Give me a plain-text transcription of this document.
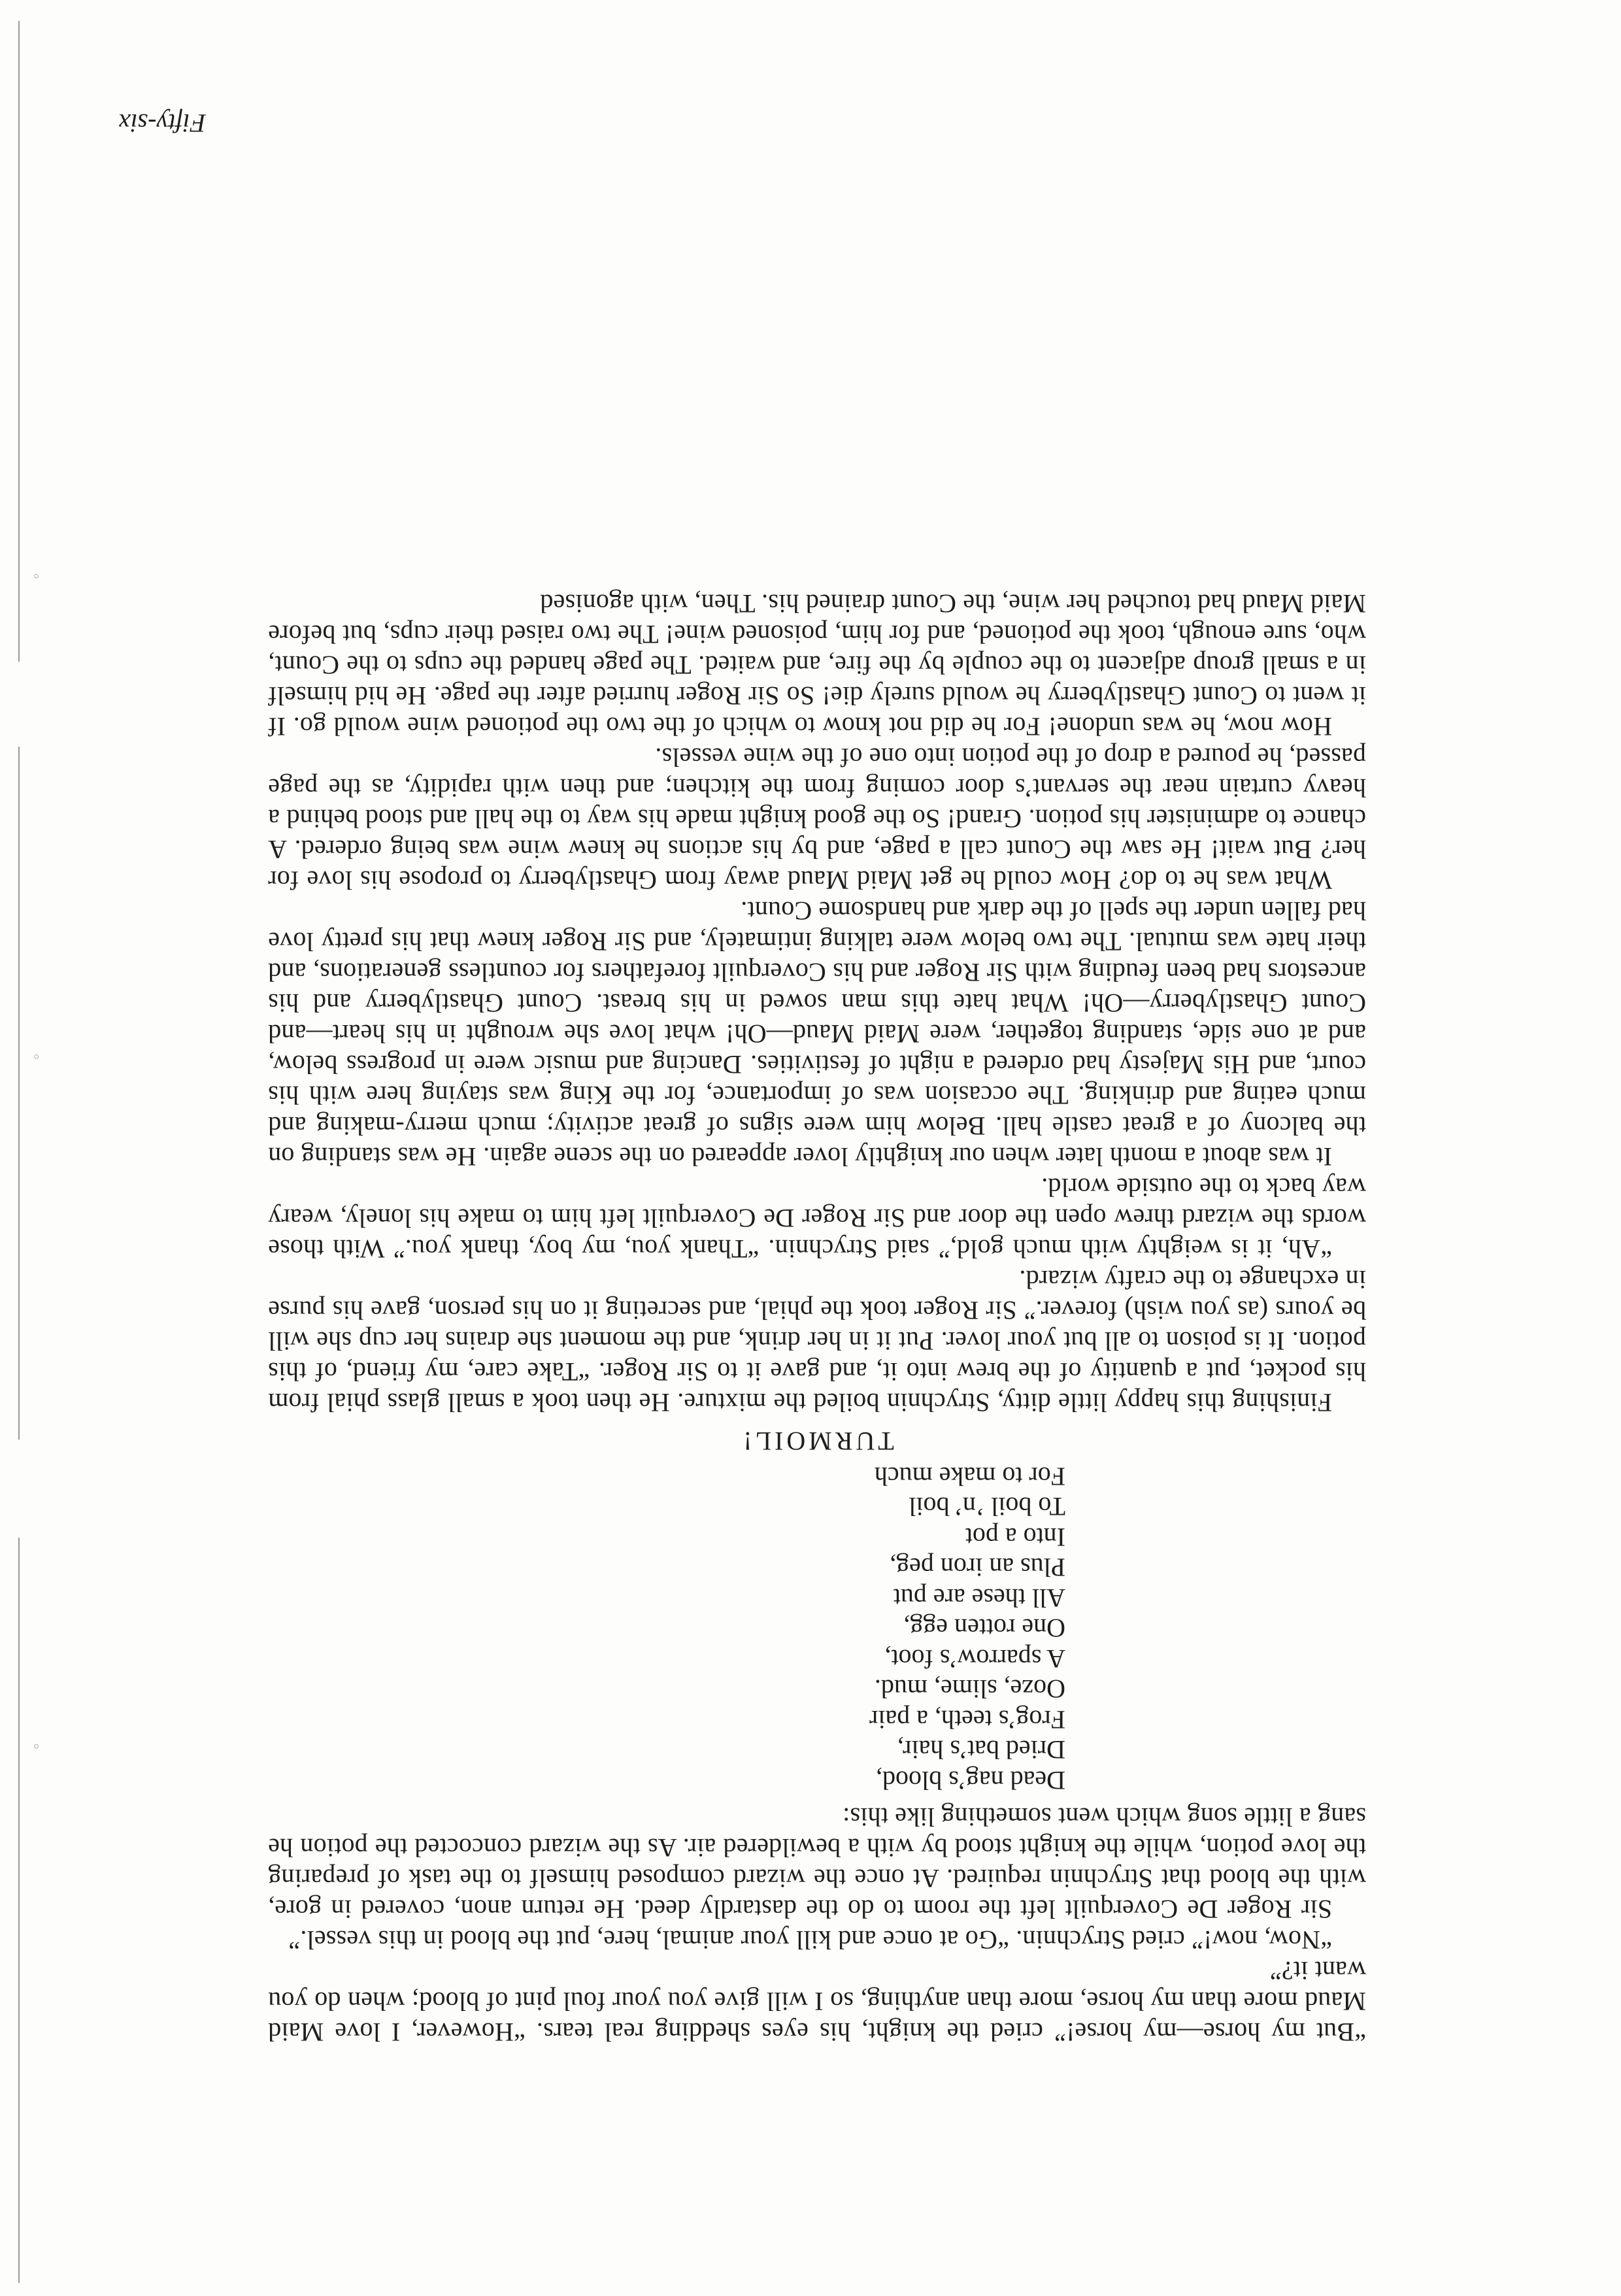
◦
◦
◦

“But my horse—my horse!” cried the knight, his eyes shedding real tears. “However, I love Maid Maud more than my horse, more than anything, so I will give you your foul pint of blood; when do you want it?”

“Now, now!” cried Strychnin. “Go at once and kill your animal, here, put the blood in this vessel.”

Sir Roger De Coverquilt left the room to do the dastardly deed. He return anon, covered in gore, with the blood that Strychnin required. At once the wizard composed himself to the task of preparing the love potion, while the knight stood by with a bewildered air. As the wizard concocted the potion he sang a little song which went something like this:

Dead nag’s blood,
Dried bat’s hair,
Frog’s teeth, a pair
Ooze, slime, mud.
A sparrow’s foot,
One rotten egg,
All these are put
Plus an iron peg,
Into a pot
To boil ’n’ boil
For to make much
TURMOIL!

Finishing this happy little ditty, Strychnin boiled the mixture. He then took a small glass phial from his pocket, put a quantity of the brew into it, and gave it to Sir Roger. “Take care, my friend, of this potion. It is poison to all but your lover. Put it in her drink, and the moment she drains her cup she will be yours (as you wish) forever.” Sir Roger took the phial, and secreting it on his person, gave his purse in exchange to the crafty wizard.

“Ah, it is weighty with much gold,” said Strychnin. “Thank you, my boy, thank you.” With those words the wizard threw open the door and Sir Roger De Coverquilt left him to make his lonely, weary way back to the outside world.

It was about a month later when our knightly lover appeared on the scene again. He was standing on the balcony of a great castle hall. Below him were signs of great activity; much merry-making and much eating and drinking. The occasion was of importance, for the King was staying here with his court, and His Majesty had ordered a night of festivities. Dancing and music were in progress below, and at one side, standing together, were Maid Maud—Oh! what love she wrought in his heart—and Count Ghastlyberry—Oh! What hate this man sowed in his breast. Count Ghastlyberry and his ancestors had been feuding with Sir Roger and his Coverquilt forefathers for countless generations, and their hate was mutual. The two below were talking intimately, and Sir Roger knew that his pretty love had fallen under the spell of the dark and handsome Count.

What was he to do? How could he get Maid Maud away from Ghastlyberry to propose his love for her? But wait! He saw the Count call a page, and by his actions he knew wine was being ordered. A chance to administer his potion. Grand! So the good knight made his way to the hall and stood behind a heavy curtain near the servant’s door coming from the kitchen; and then with rapidity, as the page passed, he poured a drop of the potion into one of the wine vessels.

How now, he was undone! For he did not know to which of the two the potioned wine would go. If it went to Count Ghastlyberry he would surely die! So Sir Roger hurried after the page. He hid himself in a small group adjacent to the couple by the fire, and waited. The page handed the cups to the Count, who, sure enough, took the potioned, and for him, poisoned wine! The two raised their cups, but before Maid Maud had touched her wine, the Count drained his. Then, with agonised

Fifty-six
